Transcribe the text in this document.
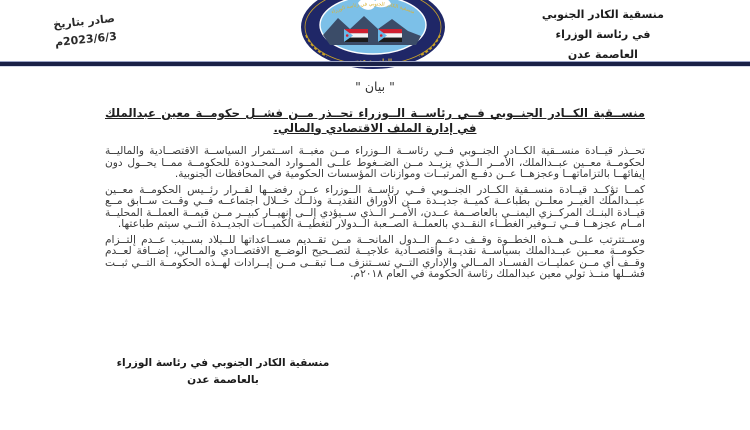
منسقية الكادر الجنوبي
في رئاسة الوزراء
العاصمة عدن
صادر بتاريخ
2023/6/3م
منسقية الكادر الجنوبي في رئاسة الوزراء
" بيان "
منســقية الكــادر الجنــوبي فــي رئاســة الــوزراء تحــذر مــن فشــل حكومــة معين عبدالملك في إدارة الملف الاقتصادي والمالي.

تحــذر قيــادة منســقية الكــادر الجنــوبي فــي رئاســة الــوزراء مــن مغبــة اســتمرار السياســة الاقتصــادية والماليــة لحكومــة معــين عبــدالملك، الأمــر الــذي يزيــد مــن الضــغوط علــى المــوارد المحــدودة للحكومــة ممــا يحــول دون إيفائهــا بالتزاماتهــا وعجزهــا عــن دفــع المرتبــات وموازنات المؤسسات الحكومية في المحافظات الجنوبية.

كمــا تؤكــد قيــادة منســقية الكــادر الجنــوبي فــي رئاســة الــوزراء عــن رفضــها لقــرار رئــيس الحكومــة معــين عبــدالملك الغيــر معلــن بطباعــة كميــة جديــدة مــن الأوراق النقديــة وذلــك خــلال اجتماعــه فــي وقــت ســابق مــع قيــادة البنــك المركــزي اليمنــي بالعاصــمة عــدن، الأمــر الــذي ســيؤدي إلــى إنهيــار كبيــر مــن قيمــة العملــة المحليــة امــام عجزهــا فــي تــوفير الغطــاء النقــدي بالعملــة الصــعبة الــدولار لتغطيــة الكميــات الجديــدة التــي سيتم طباعتها.

وســتترتب علــى هــذه الخطــوة وقــف دعــم الــدول المانحــة مــن تقــديم مســاعداتها للــبلاد بســبب عــدم إلتــزام حكومــة معــين عبــدالملك بسياســة نقديــة واقتصــادية علاجيــة لتصــحيح الوضــع الاقتصــادي والمــالي، إضــافة لعــدم وقــف أي مــن عمليــات الفســاد المــالي والإداري التــي تســتنزف مــا تبقــى مــن إيــرادات لهــذه الحكومــة التــي ثبــت فشــلها منــذ تولي معين عبدالملك رئاسة الحكومة في العام ٢٠١٨م.

منسقية الكادر الجنوبي في رئاسة الوزراء
بالعاصمة عدن
